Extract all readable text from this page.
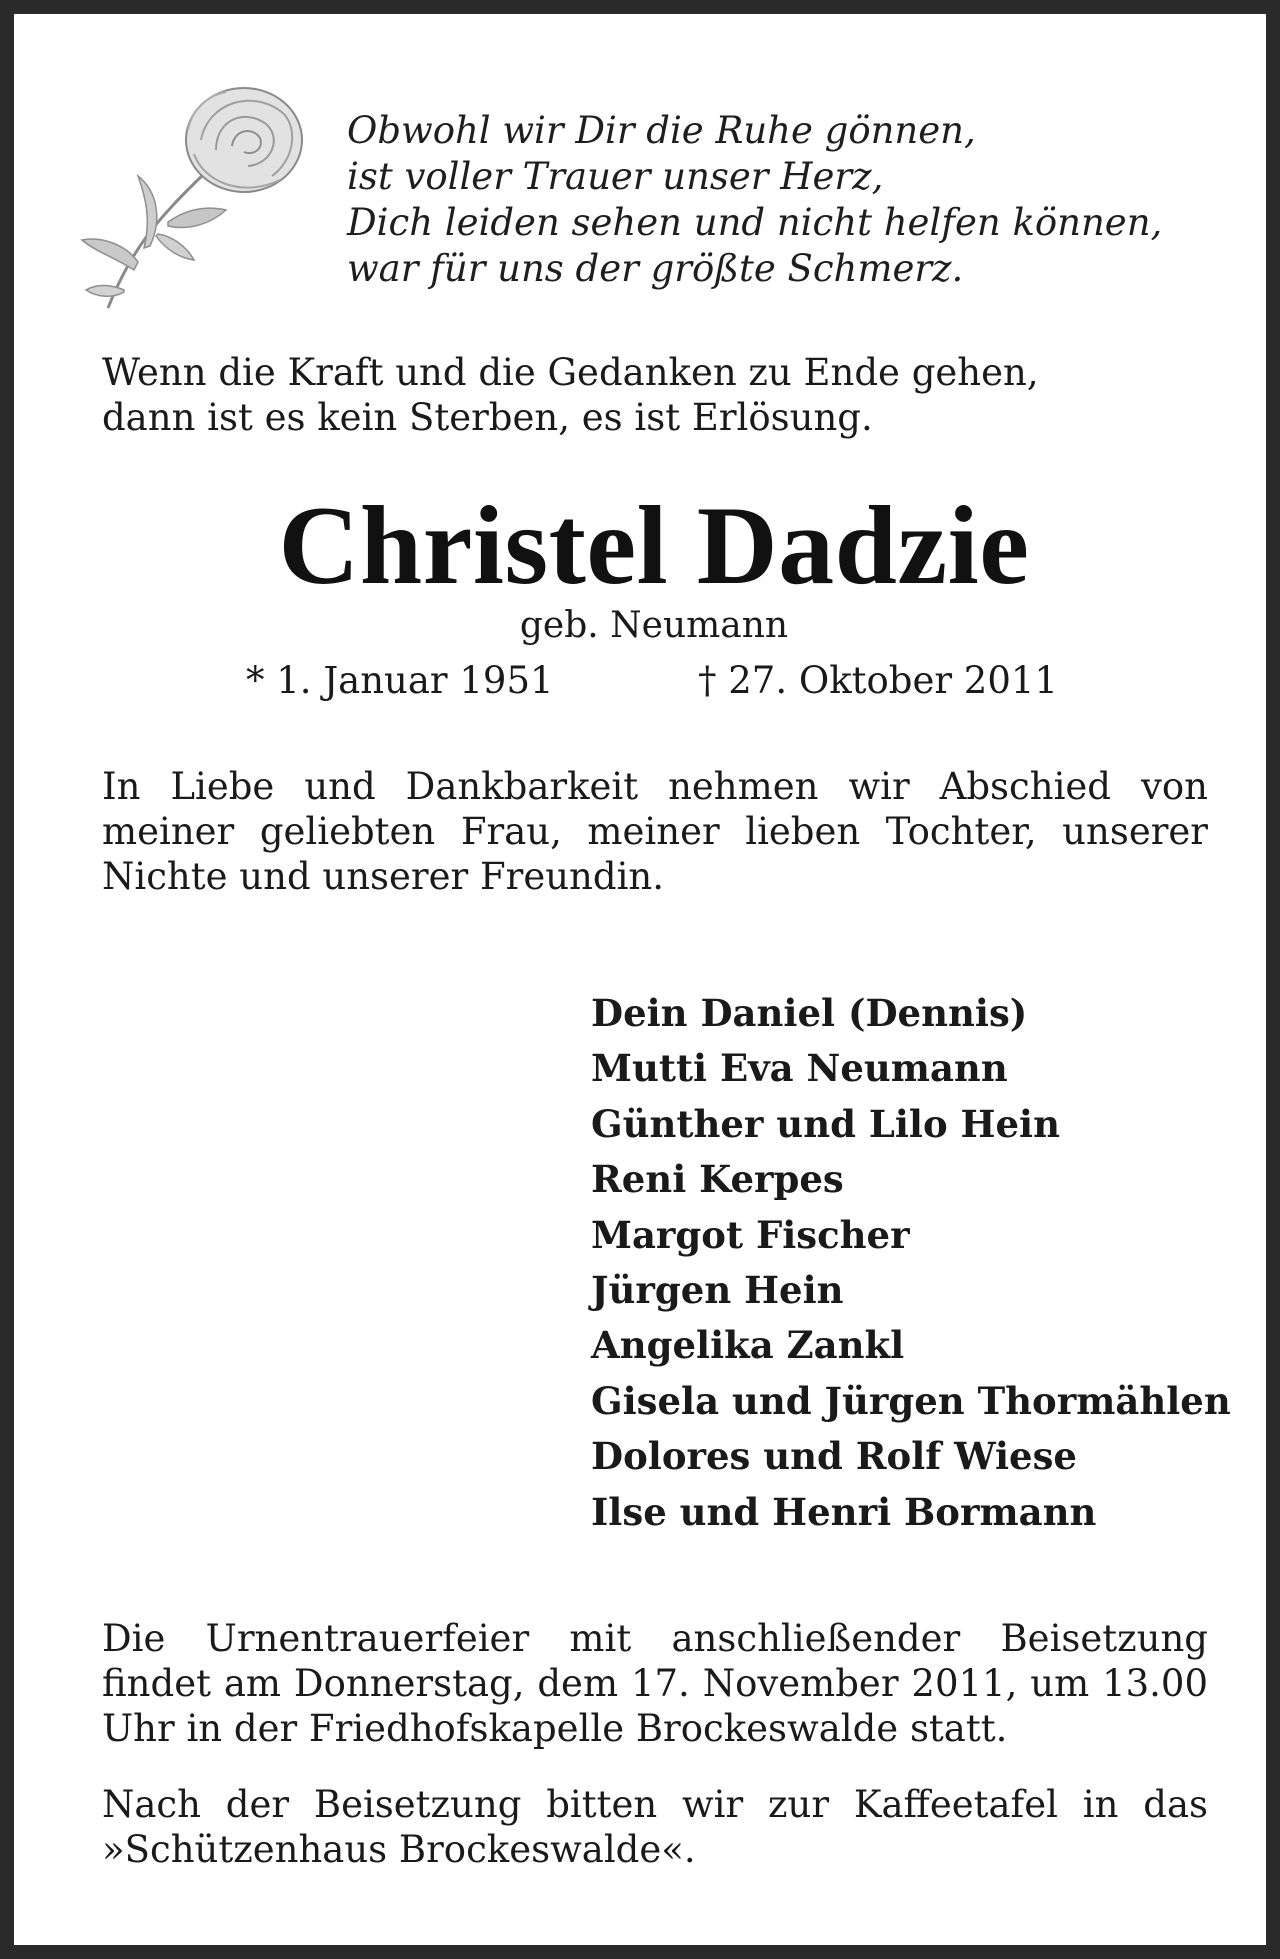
Obwohl wir Dir die Ruhe gönnen,
ist voller Trauer unser Herz,
Dich leiden sehen und nicht helfen können,
war für uns der größte Schmerz.
Wenn die Kraft und die Gedanken zu Ende gehen,
dann ist es kein Sterben, es ist Erlösung.
Christel Dadzie
geb. Neumann
* 1. Januar 1951	† 27. Oktober 2011
In Liebe und Dankbarkeit nehmen wir Abschied von meiner geliebten Frau, meiner lieben Tochter, unserer Nichte und unserer Freundin.
Dein Daniel (Dennis)
Mutti Eva Neumann
Günther und Lilo Hein
Reni Kerpes
Margot Fischer
Jürgen Hein
Angelika Zankl
Gisela und Jürgen Thormählen
Dolores und Rolf Wiese
Ilse und Henri Bormann
Die Urnentrauerfeier mit anschließender Beisetzung findet am Donnerstag, dem 17. November 2011, um 13.00 Uhr in der Friedhofskapelle Brockeswalde statt.
Nach der Beisetzung bitten wir zur Kaffeetafel in das »Schützenhaus Brockeswalde«.
